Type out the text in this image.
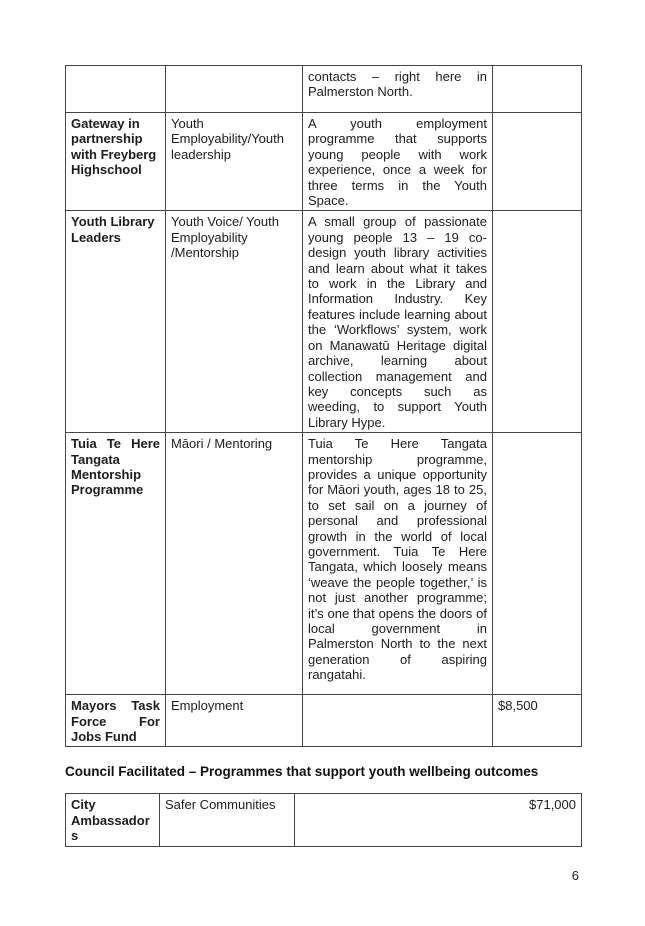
		contacts – right here in Palmerston North.	
Gateway in partnership with Freyberg Highschool	Youth Employability/Youth leadership	A youth employment programme that supports young people with work experience, once a week for three terms in the Youth Space.	
Youth Library Leaders	Youth Voice/ Youth Employability /Mentorship	A small group of passionate young people 13 – 19 co-design youth library activities and learn about what it takes to work in the Library and Information Industry. Key features include learning about the ‘Workflows’ system, work on Manawatū Heritage digital archive, learning about collection management and key concepts such as weeding, to support Youth Library Hype.	
Tuia Te Here Tangata Mentorship Programme	Māori / Mentoring	Tuia Te Here Tangata mentorship programme, provides a unique opportunity for Māori youth, ages 18 to 25, to set sail on a journey of personal and professional growth in the world of local government. Tuia Te Here Tangata, which loosely means ‘weave the people together,’ is not just another programme; it’s one that opens the doors of local government in Palmerston North to the next generation of aspiring rangatahi.	
Mayors Task Force For Jobs Fund	Employment		$8,500
Council Facilitated – Programmes that support youth wellbeing outcomes
City Ambassadors	Safer Communities	$71,000
6
